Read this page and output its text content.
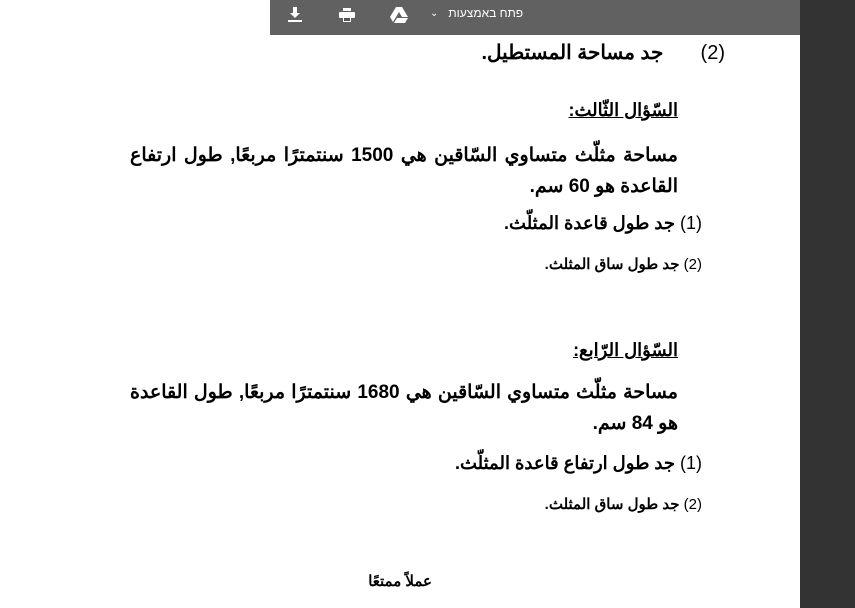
(2)  جد مساحة المستطيل.
السّؤال الثّالث:
مساحة مثلّث متساوي السّاقين هي 1500 سنتمترًا مربعًا, طول ارتفاع القاعدة هو 60 سم.
(1) جد طول قاعدة المثلّث.
(2) جد طول ساق المثلث.
السّؤال الرّابع:
مساحة مثلّث متساوي السّاقين هي 1680 سنتمترًا مربعًا, طول القاعدة هو 84 سم.
(1) جد طول ارتفاع قاعدة المثلّث.
(2) جد طول ساق المثلث.
عملاً ممتعًا
⌄ פתח באמצעות
